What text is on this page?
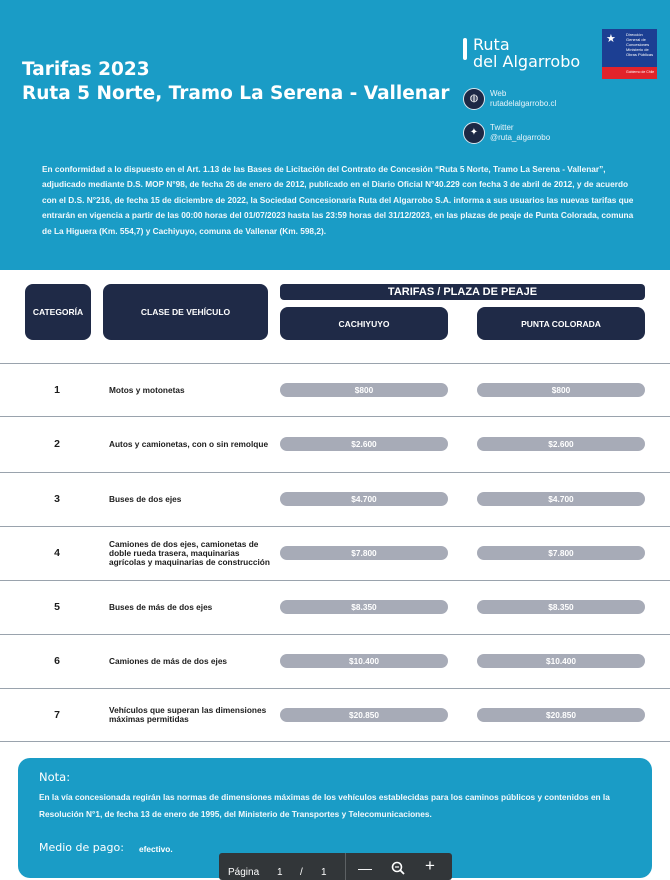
Tarifas 2023
Ruta 5 Norte, Tramo La Serena - Vallenar
Ruta
del Algarrobo
★	Dirección General de Concesiones
Ministerio de Obras Públicas
Gobierno de Chile
◍	Web
rutadelalgarrobo.cl
✦	Twitter
@ruta_algarrobo
En conformidad a lo dispuesto en el Art. 1.13 de las Bases de Licitación del Contrato de Concesión “Ruta 5 Norte, Tramo La Serena - Vallenar”, adjudicado mediante D.S. MOP N°98, de fecha 26 de enero de 2012, publicado en el Diario Oficial N°40.229 con fecha 3 de abril de 2012, y de acuerdo con el D.S. N°216, de fecha 15 de diciembre de 2022, la Sociedad Concesionaria Ruta del Algarrobo S.A. informa a sus usuarios las nuevas tarifas que entrarán en vigencia a partir de las 00:00 horas del 01/07/2023 hasta las 23:59 horas del 31/12/2023, en las plazas de peaje de Punta Colorada, comuna de La Higuera (Km. 554,7) y Cachiyuyo, comuna de Vallenar (Km. 598,2).
CATEGORÍA	CLASE DE VEHÍCULO
TARIFAS / PLAZA DE PEAJE
CACHIYUYO	PUNTA COLORADA
1	Motos y motonetas	$800	$800
2	Autos y camionetas, con o sin remolque	$2.600	$2.600
3	Buses de dos ejes	$4.700	$4.700
4
Camiones de dos ejes, camionetas de doble rueda trasera, maquinarias agrícolas y maquinarias de construcción
$7.800	$7.800
5	Buses de más de dos ejes	$8.350	$8.350
6	Camiones de más de dos ejes	$10.400	$10.400
7	Vehículos que superan las dimensiones máximas permitidas	$20.850	$20.850
Nota:
En la vía concesionada regirán las normas de dimensiones máximas de los vehículos establecidas para los caminos públicos y contenidos en la Resolución N°1, de fecha 13 de enero de 1995, del Ministerio de Transportes y Telecomunicaciones.
Medio de pago: efectivo.
Página 1 / 1 —	+
